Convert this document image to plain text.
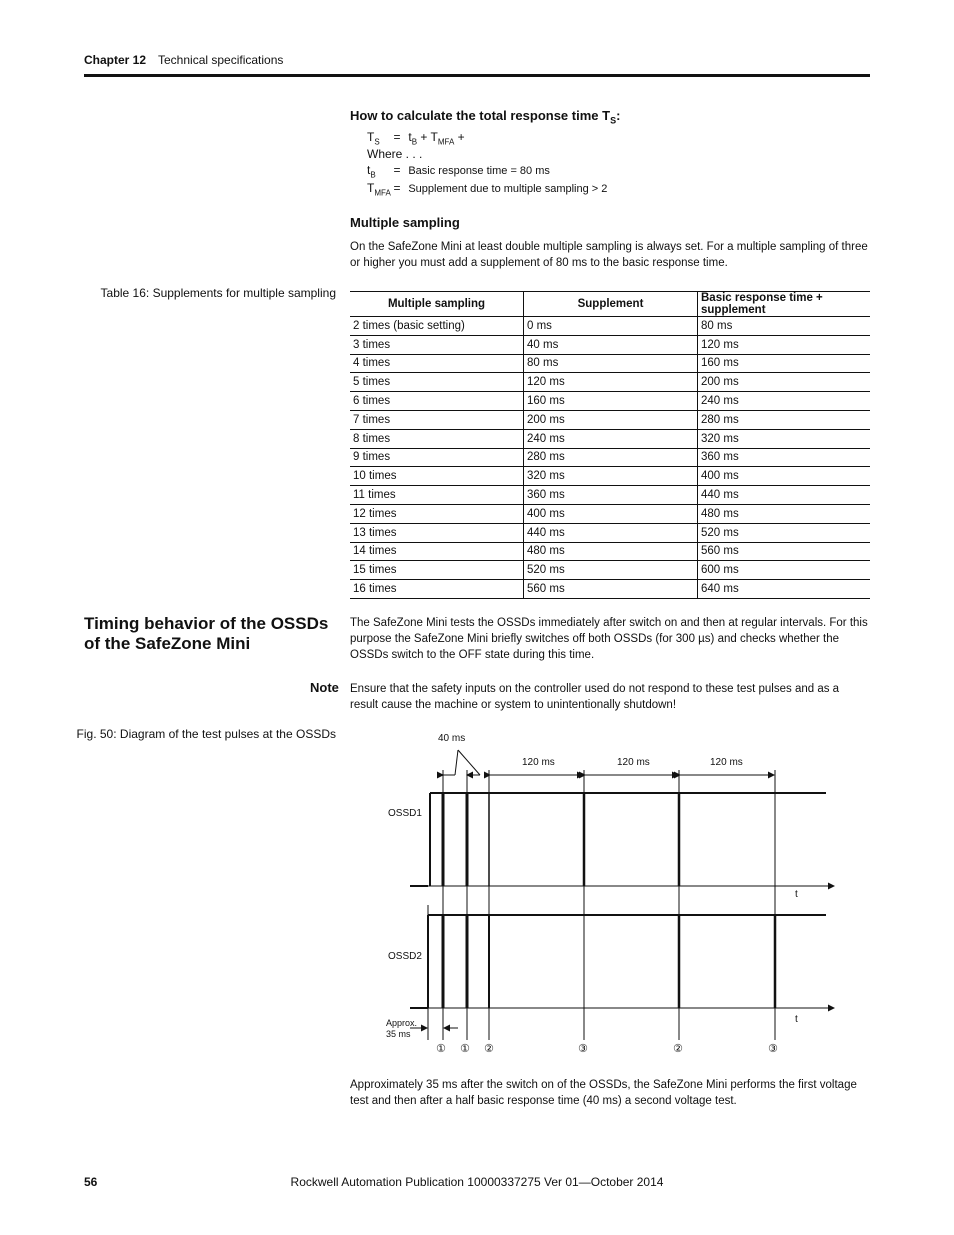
Chapter 12 Technical specifications
How to calculate the total response time $T_S$:
$T_S = t_B + T_{MFA}$ +
Where . . .
$t_B$ = Basic response time = 80 ms
$T_{MFA}$ = Supplement due to multiple sampling > 2
Multiple sampling
On the SafeZone Mini at least double multiple sampling is always set. For a multiple sampling of three or higher you must add a supplement of 80 ms to the basic response time.
Table 16: Supplements for multiple sampling
Multiple sampling	Supplement	Basic response time + supplement
2 times (basic setting)	0 ms	80 ms
3 times	40 ms	120 ms
4 times	80 ms	160 ms
5 times	120 ms	200 ms
6 times	160 ms	240 ms
7 times	200 ms	280 ms
8 times	240 ms	320 ms
9 times	280 ms	360 ms
10 times	320 ms	400 ms
11 times	360 ms	440 ms
12 times	400 ms	480 ms
13 times	440 ms	520 ms
14 times	480 ms	560 ms
15 times	520 ms	600 ms
16 times	560 ms	640 ms
Timing behavior of the OSSDs of the SafeZone Mini
The SafeZone Mini tests the OSSDs immediately after switch on and then at regular intervals. For this purpose the SafeZone Mini briefly switches off both OSSDs (for 300 µs) and checks whether the OSSDs switch to the OFF state during this time.
Note Ensure that the safety inputs on the controller used do not respond to these test pulses and as a result cause the machine or system to unintentionally shutdown!
Fig. 50: Diagram of the test pulses at the OSSDs	40 ms
120 ms	120 ms	120 ms
OSSD1
OSSD2
t
t
Approx.
35 ms
① ① ②	③	②	③
Approximately 35 ms after the switch on of the OSSDs, the SafeZone Mini performs the first voltage test and then after a half basic response time (40 ms) a second voltage test.
Rockwell Automation Publication 10000337275 Ver 01—October 2014
56
